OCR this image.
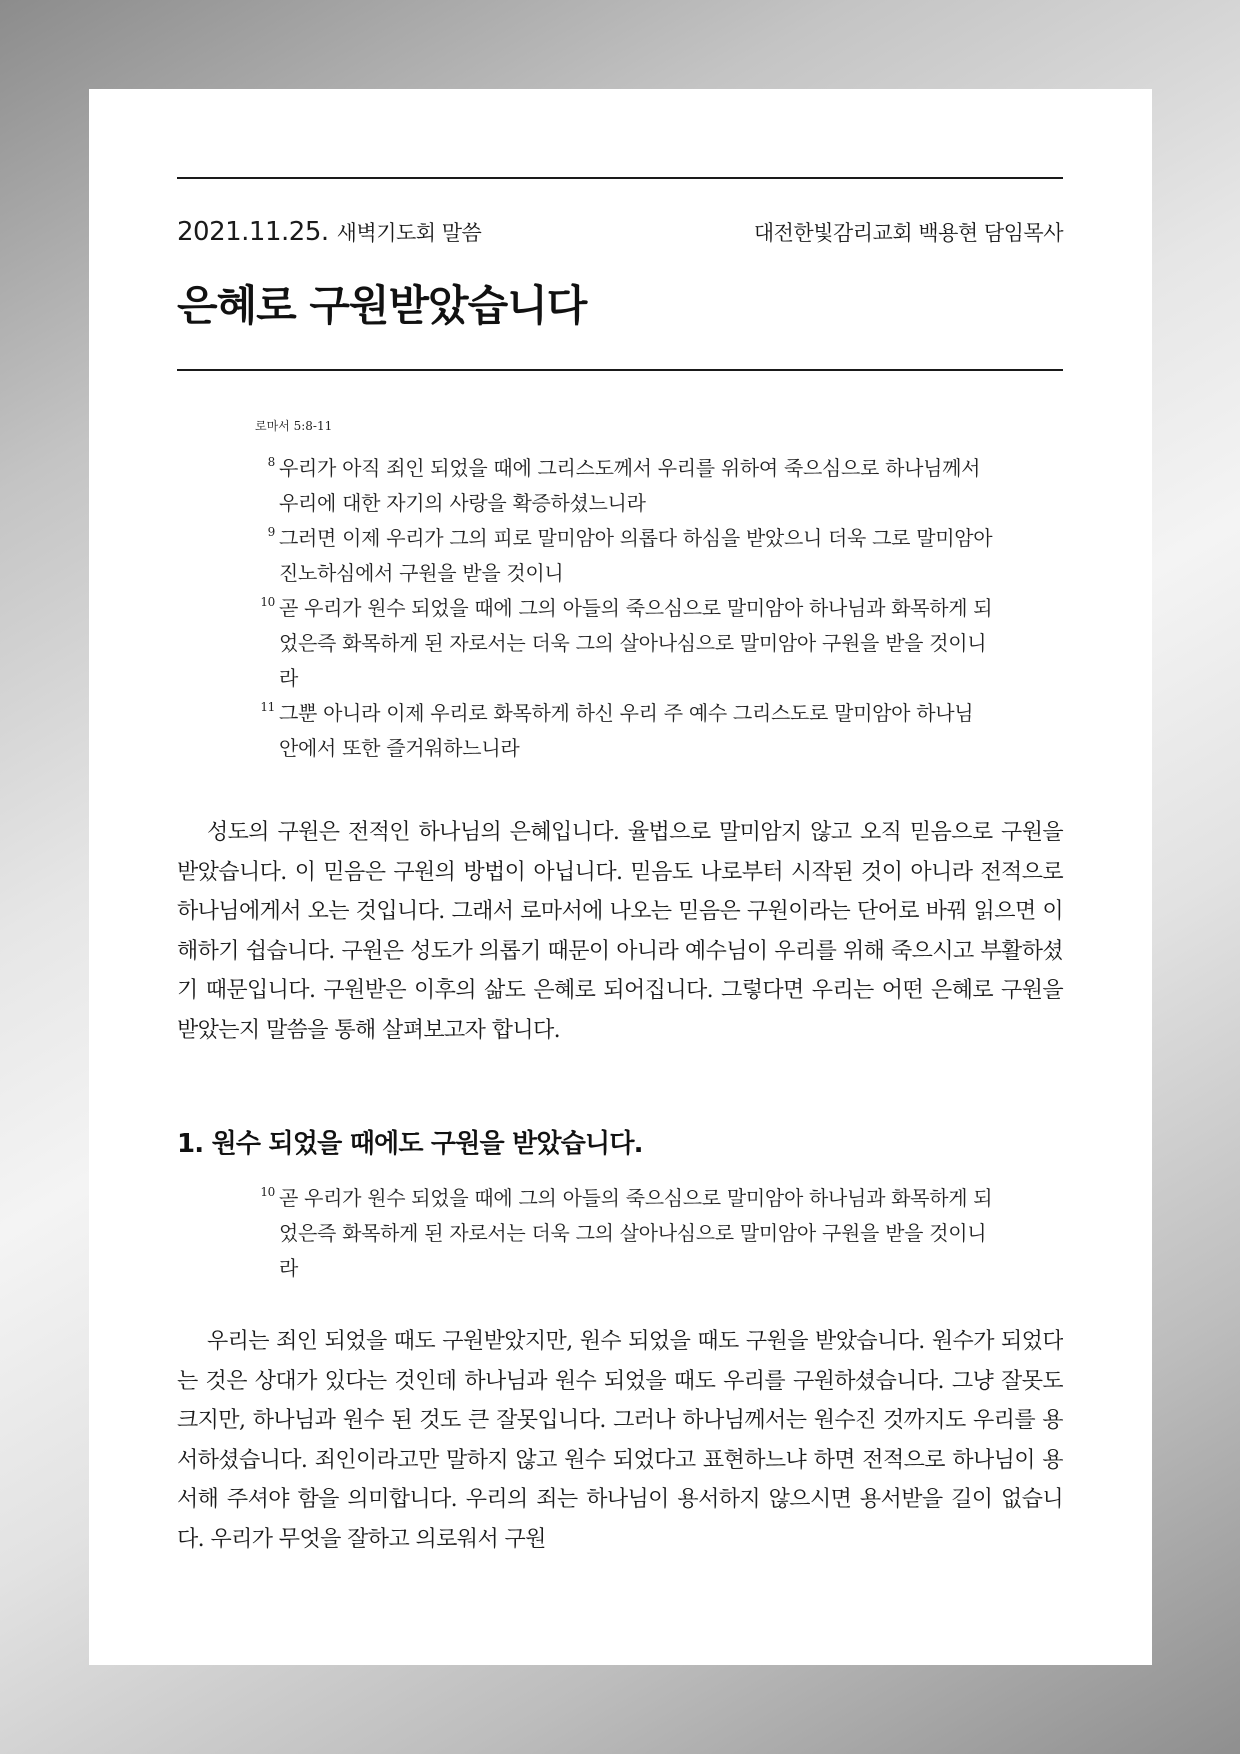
2021.11.25. 새벽기도회 말씀	대전한빛감리교회 백용현 담임목사
은혜로 구원받았습니다
로마서 5:8-11
8 우리가 아직 죄인 되었을 때에 그리스도께서 우리를 위하여 죽으심으로 하나님께서 우리에 대한 자기의 사랑을 확증하셨느니라
9 그러면 이제 우리가 그의 피로 말미암아 의롭다 하심을 받았으니 더욱 그로 말미암아 진노하심에서 구원을 받을 것이니
10 곧 우리가 원수 되었을 때에 그의 아들의 죽으심으로 말미암아 하나님과 화목하게 되었은즉 화목하게 된 자로서는 더욱 그의 살아나심으로 말미암아 구원을 받을 것이니라
11 그뿐 아니라 이제 우리로 화목하게 하신 우리 주 예수 그리스도로 말미암아 하나님 안에서 또한 즐거워하느니라

성도의 구원은 전적인 하나님의 은혜입니다. 율법으로 말미암지 않고 오직 믿음으로 구원을 받았습니다. 이 믿음은 구원의 방법이 아닙니다. 믿음도 나로부터 시작된 것이 아니라 전적으로 하나님에게서 오는 것입니다. 그래서 로마서에 나오는 믿음은 구원이라는 단어로 바꿔 읽으면 이해하기 쉽습니다. 구원은 성도가 의롭기 때문이 아니라 예수님이 우리를 위해 죽으시고 부활하셨기 때문입니다. 구원받은 이후의 삶도 은혜로 되어집니다. 그렇다면 우리는 어떤 은혜로 구원을 받았는지 말씀을 통해 살펴보고자 합니다.

1. 원수 되었을 때에도 구원을 받았습니다.
10 곧 우리가 원수 되었을 때에 그의 아들의 죽으심으로 말미암아 하나님과 화목하게 되었은즉 화목하게 된 자로서는 더욱 그의 살아나심으로 말미암아 구원을 받을 것이니라

우리는 죄인 되었을 때도 구원받았지만, 원수 되었을 때도 구원을 받았습니다. 원수가 되었다는 것은 상대가 있다는 것인데 하나님과 원수 되었을 때도 우리를 구원하셨습니다. 그냥 잘못도 크지만, 하나님과 원수 된 것도 큰 잘못입니다. 그러나 하나님께서는 원수진 것까지도 우리를 용서하셨습니다. 죄인이라고만 말하지 않고 원수 되었다고 표현하느냐 하면 전적으로 하나님이 용서해 주셔야 함을 의미합니다. 우리의 죄는 하나님이 용서하지 않으시면 용서받을 길이 없습니다. 우리가 무엇을 잘하고 의로워서 구원
